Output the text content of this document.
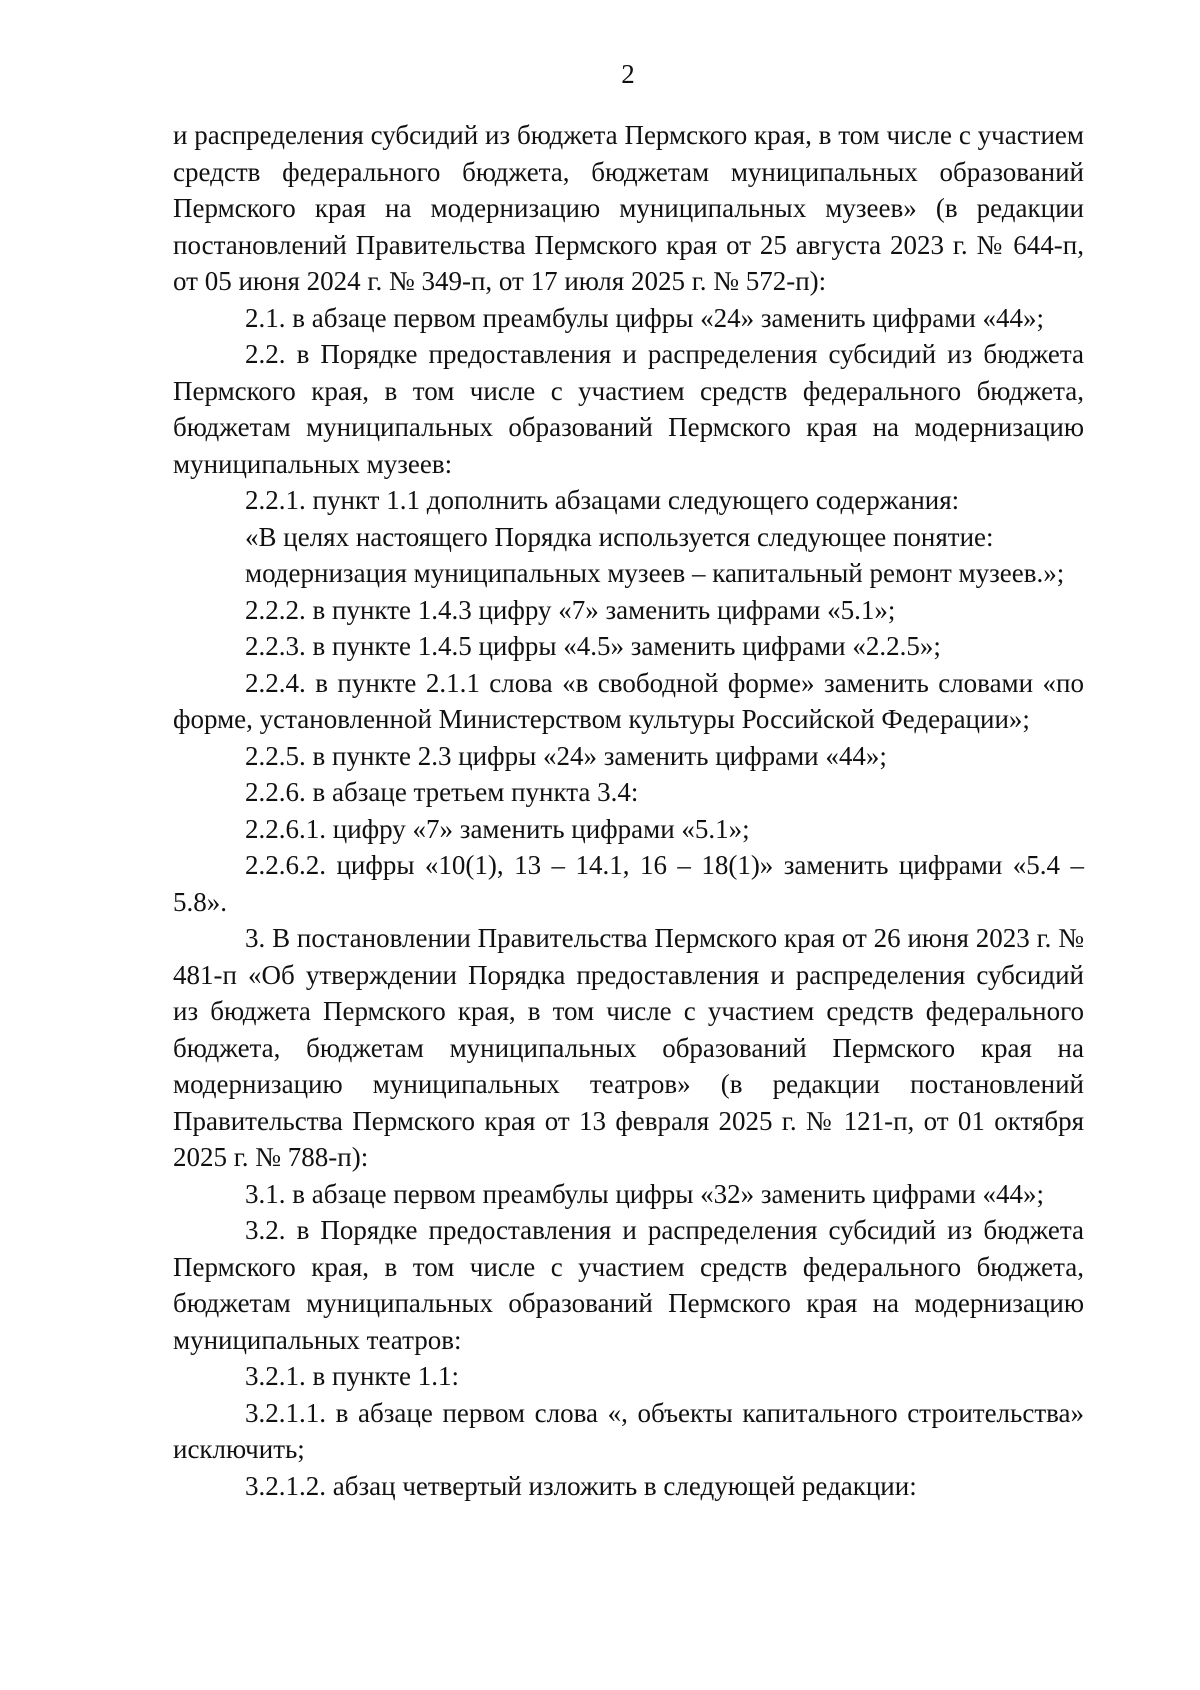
2

и распределения субсидий из бюджета Пермского края, в том числе с участием средств федерального бюджета, бюджетам муниципальных образований Пермского края на модернизацию муниципальных музеев» (в редакции постановлений Правительства Пермского края от 25 августа 2023 г. № 644-п, от 05 июня 2024 г. № 349-п, от 17 июля 2025 г. № 572-п):

2.1. в абзаце первом преамбулы цифры «24» заменить цифрами «44»;

2.2. в Порядке предоставления и распределения субсидий из бюджета Пермского края, в том числе с участием средств федерального бюджета, бюджетам муниципальных образований Пермского края на модернизацию муниципальных музеев:

2.2.1. пункт 1.1 дополнить абзацами следующего содержания:

«В целях настоящего Порядка используется следующее понятие:

модернизация муниципальных музеев – капитальный ремонт музеев.»;

2.2.2. в пункте 1.4.3 цифру «7» заменить цифрами «5.1»;

2.2.3. в пункте 1.4.5 цифры «4.5» заменить цифрами «2.2.5»;

2.2.4. в пункте 2.1.1 слова «в свободной форме» заменить словами «по форме, установленной Министерством культуры Российской Федерации»;

2.2.5. в пункте 2.3 цифры «24» заменить цифрами «44»;

2.2.6. в абзаце третьем пункта 3.4:

2.2.6.1. цифру «7» заменить цифрами «5.1»;

2.2.6.2. цифры «10(1), 13 – 14.1, 16 – 18(1)» заменить цифрами «5.4 – 5.8».

3. В постановлении Правительства Пермского края от 26 июня 2023 г. № 481-п «Об утверждении Порядка предоставления и распределения субсидий из бюджета Пермского края, в том числе с участием средств федерального бюджета, бюджетам муниципальных образований Пермского края на модернизацию муниципальных театров» (в редакции постановлений Правительства Пермского края от 13 февраля 2025 г. № 121-п, от 01 октября 2025 г. № 788-п):

3.1. в абзаце первом преамбулы цифры «32» заменить цифрами «44»;

3.2. в Порядке предоставления и распределения субсидий из бюджета Пермского края, в том числе с участием средств федерального бюджета, бюджетам муниципальных образований Пермского края на модернизацию муниципальных театров:

3.2.1. в пункте 1.1:

3.2.1.1. в абзаце первом слова «, объекты капитального строительства» исключить;

3.2.1.2. абзац четвертый изложить в следующей редакции:
